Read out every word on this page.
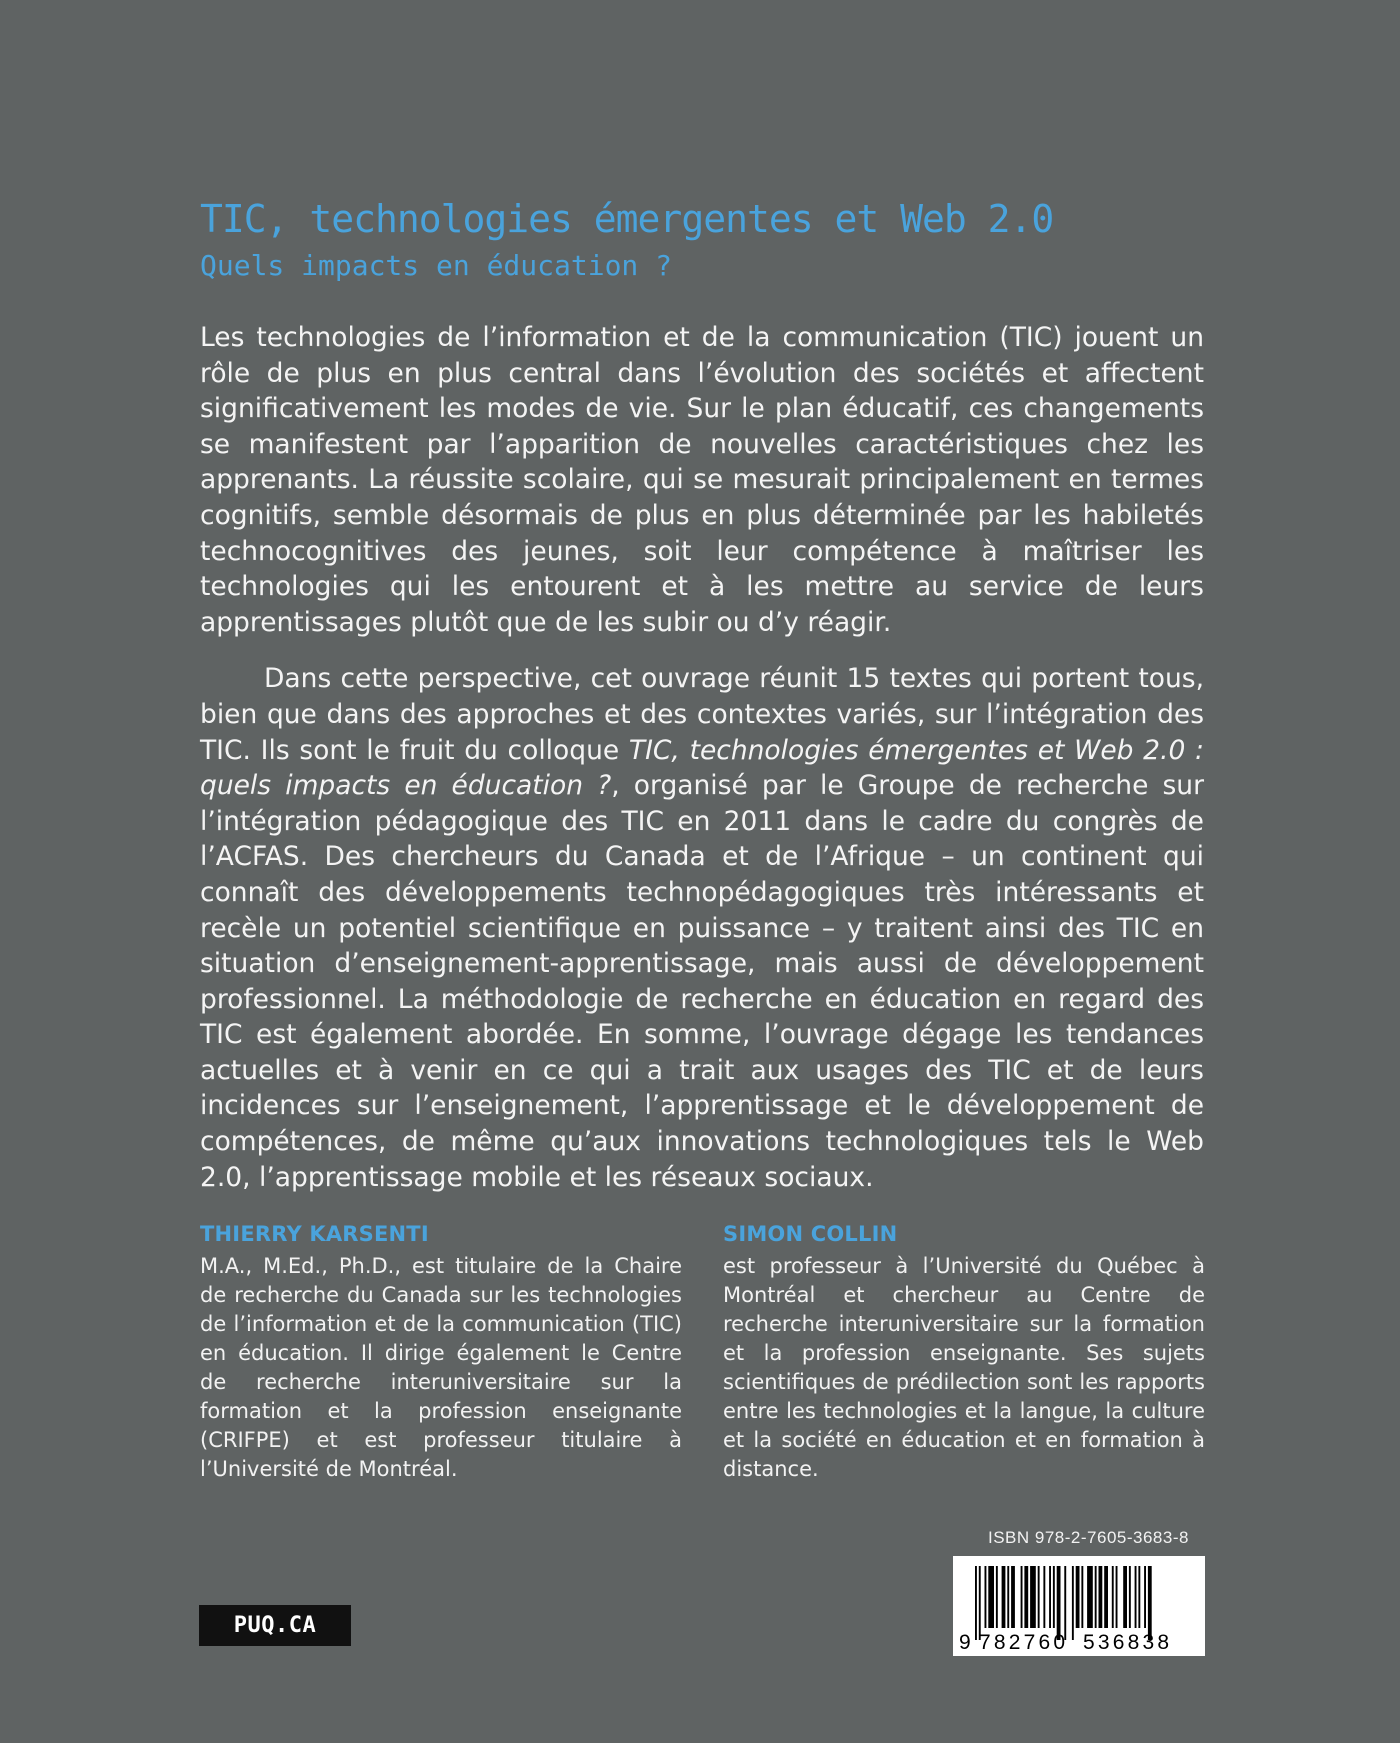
TIC, technologies émergentes et Web 2.0
Quels impacts en éducation ?

Les technologies de l’information et de la communication (TIC) jouent un rôle de plus en plus central dans l’évolution des sociétés et affectent significativement les modes de vie. Sur le plan éducatif, ces changements se manifestent par l’apparition de nouvelles caractéristiques chez les apprenants. La réussite scolaire, qui se mesurait principalement en termes cognitifs, semble désormais de plus en plus déterminée par les habiletés technocognitives des jeunes, soit leur compétence à maîtriser les technologies qui les entourent et à les mettre au service de leurs apprentissages plutôt que de les subir ou d’y réagir.

Dans cette perspective, cet ouvrage réunit 15 textes qui portent tous, bien que dans des approches et des contextes variés, sur l’intégration des TIC. Ils sont le fruit du colloque TIC, technologies émergentes et Web 2.0 : quels impacts en éducation ?, organisé par le Groupe de recherche sur l’intégration pédagogique des TIC en 2011 dans le cadre du congrès de l’ACFAS. Des chercheurs du Canada et de l’Afrique – un continent qui connaît des développements technopédagogiques très intéressants et recèle un potentiel scientifique en puissance – y traitent ainsi des TIC en situation d’enseignement-apprentissage, mais aussi de développement professionnel. La méthodologie de recherche en éducation en regard des TIC est également abordée. En somme, l’ouvrage dégage les tendances actuelles et à venir en ce qui a trait aux usages des TIC et de leurs incidences sur l’enseignement, l’apprentissage et le développement de compétences, de même qu’aux innovations technologiques tels le Web 2.0, l’apprentissage mobile et les réseaux sociaux.

THIERRY KARSENTI

M.A., M.Ed., Ph.D., est titulaire de la Chaire de recherche du Canada sur les technologies de l’information et de la communication (TIC) en éducation. Il dirige également le Centre de recherche interuniversitaire sur la formation et la profession enseignante (CRIFPE) et est professeur titulaire à l’Université de Montréal.

SIMON COLLIN

est professeur à l’Université du Québec à Montréal et chercheur au Centre de recherche interuniversitaire sur la formation et la profession enseignante. Ses sujets scientifiques de prédilection sont les rapports entre les technologies et la langue, la culture et la société en éducation et en formation à distance.

ISBN 978-2-7605-3683-8
9 782760 536838
PUQ.CA
